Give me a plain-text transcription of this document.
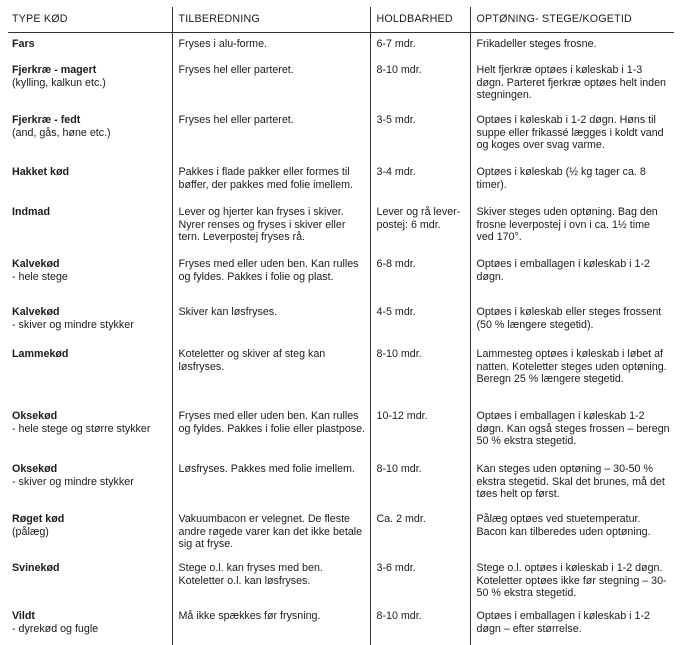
TYPE KØD	TILBEREDNING	HOLDBARHED	OPTØNING- STEGE/KOGETID

Fars	Fryses i alu-forme.	6-7 mdr.	Frikadeller steges frosne.

Fjerkræ - magert
(kylling, kalkun etc.)	Fryses hel eller parteret.	8-10 mdr.	Helt fjerkræ optøes i køleskab i 1-3 døgn. Parteret fjerkræ optøes helt inden stegningen.

Fjerkræ - fedt
(and, gås, høne etc.)	Fryses hel eller parteret.	3-5 mdr.	Optøes i køleskab i 1-2 døgn. Høns til suppe eller frikassé lægges i koldt vand og koges over svag varme.

Hakket kød	Pakkes i flade pakker eller formes til bøffer, der pakkes med folie imellem.	3-4 mdr.	Optøes i køleskab (½ kg tager ca. 8 timer).

Indmad	Lever og hjerter kan fryses i skiver. Nyrer renses og fryses i skiver eller tern. Leverpostej fryses rå.	Lever og rå lever-postej: 6 mdr.	Skiver steges uden optøning. Bag den frosne leverpostej i ovn i ca. 1½ time ved 170°.

Kalvekød
- hele stege	Fryses med eller uden ben. Kan rulles og fyldes. Pakkes i folie og plast.	6-8 mdr.	Optøes i emballagen i køleskab i 1-2 døgn.

Kalvekød
- skiver og mindre stykker	Skiver kan løsfryses.	4-5 mdr.	Optøes i køleskab eller steges frossent (50 % længere stegetid).

Lammekød	Koteletter og skiver af steg kan løsfryses.	8-10 mdr.	Lammesteg optøes i køleskab i løbet af natten. Koteletter steges uden optøning. Beregn 25 % længere stegetid.

Oksekød
- hele stege og større stykker	Fryses med eller uden ben. Kan rulles og fyldes. Pakkes i folie eller plastpose.	10-12 mdr.	Optøes i emballagen i køleskab 1-2 døgn. Kan også steges frossen – beregn 50 % ekstra stegetid.

Oksekød
- skiver og mindre stykker	Løsfryses. Pakkes med folie imellem.	8-10 mdr.	Kan steges uden optøning – 30-50 % ekstra stegetid. Skal det brunes, må det tøes helt op først.

Røget kød
(pålæg)	Vakuumbacon er velegnet. De fleste andre røgede varer kan det ikke betale sig at fryse.	Ca. 2 mdr.	Pålæg optøes ved stuetemperatur. Bacon kan tilberedes uden optøning.

Svinekød	Stege o.l. kan fryses med ben. Koteletter o.l. kan løsfryses.	3-6 mdr.	Stege o.l. optøes i køleskab i 1-2 døgn. Koteletter optøes ikke før stegning – 30-50 % ekstra stegetid.

Vildt
- dyrekød og fugle	Må ikke spækkes før frysning.	8-10 mdr.	Optøes i emballagen i køleskab i 1-2 døgn – efter størrelse.
